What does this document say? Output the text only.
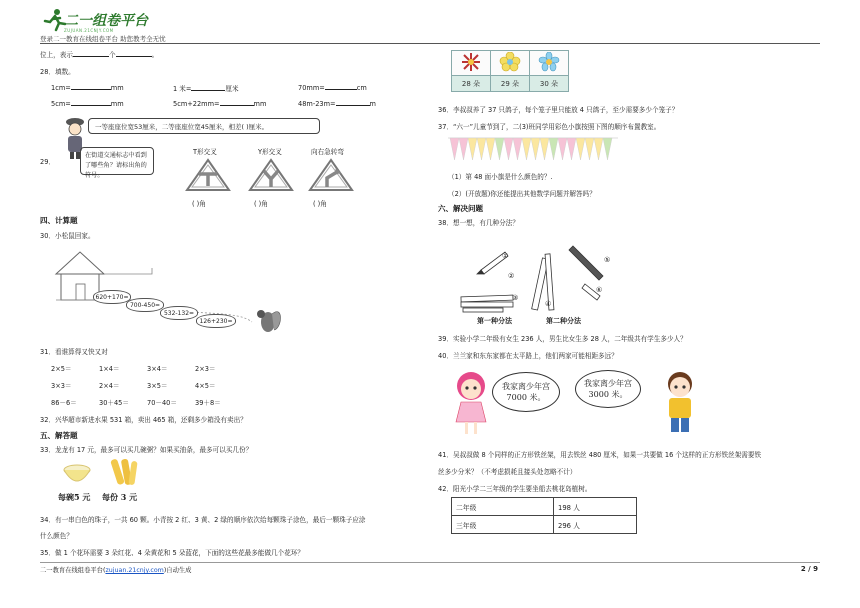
二一组卷平台
ZUJUAN.21CNJY.COM
登录二一教育在线组卷平台 助您教考全无忧
位上，表示	个	。
28．填数。
1cm=	mm	1 米=	厘米	70mm=	cm
5cm=	mm	5cm+22mm=	mm	48m-23m=	m
一等座座位宽53厘米，二等座座位宽45厘米，相差( )厘米。
29．
在街道交通标志中看到了哪些角？请标出角的符号。
T形交叉	Y形交叉	向右急转弯
( )角	( )角	( )角
四、计算题
30．小松鼠回家。
620+170=
700-450=
532-132=
126+230=
31．看谁算得又快又对
2×5＝	1×4＝	3×4＝	2×3＝
3×3＝	2×4＝	3×5＝	4×5＝
86－6＝	30＋45＝	70－40＝	39＋8＝
32．兴华超市新进水果 531 箱，卖出 465 箱，还剩多少箱没有卖出？
五、解答题
33．龙龙有 17 元，最多可以买几碗粥？如果买油条，最多可以买几份？
每碗5 元 每份 3 元
34．有一串白色的珠子，一共 60 颗。小青按 2 红、3 黄、2 绿的顺序依次给每颗珠子涂色，最后一颗珠子应涂
什么颜色？
35．做 1 个花环需要 3 朵红花、4 朵黄花和 5 朵蓝花，下面的这些花最多能做几个花环？

28 朵	29 朵	30 朵
36．李叔叔养了 37 只鸽子，每个笼子里只能放 4 只鸽子，至少需要多少个笼子？
37．“六一”儿童节到了，二(3)班同学用彩色小旗按照下图的顺序布置教室。
（1）第 48 面小旗是什么颜色的？.
（2）(开放题)你还能提出其他数学问题并解答吗？
六、解决问题
38．想一想，有几种分法？
①
②
③
④
⑤
⑥
第一种分法	第二种分法
39．实验小学二年级有女生 236 人，男生比女生多 28 人，二年级共有学生多少人？
40．兰兰家和东东家都在太平路上，他们两家可能相距多远？
我家离少年宫7000 米。
我家离少年宫 3000 米。
41．吴叔叔做 8 个同样的正方形铁丝架，用去铁丝 480 厘米，如果一共要做 16 个这样的正方形铁丝架需要铁
丝多少分米？（不考虑损耗且接头处忽略不计）
42．阳光小学二三年级的学生要坐船去桃花岛植树。
二年级	198 人
三年级	296 人
二一教育在线组卷平台(zujuan.21cnjy.com)自动生成	2 / 9
